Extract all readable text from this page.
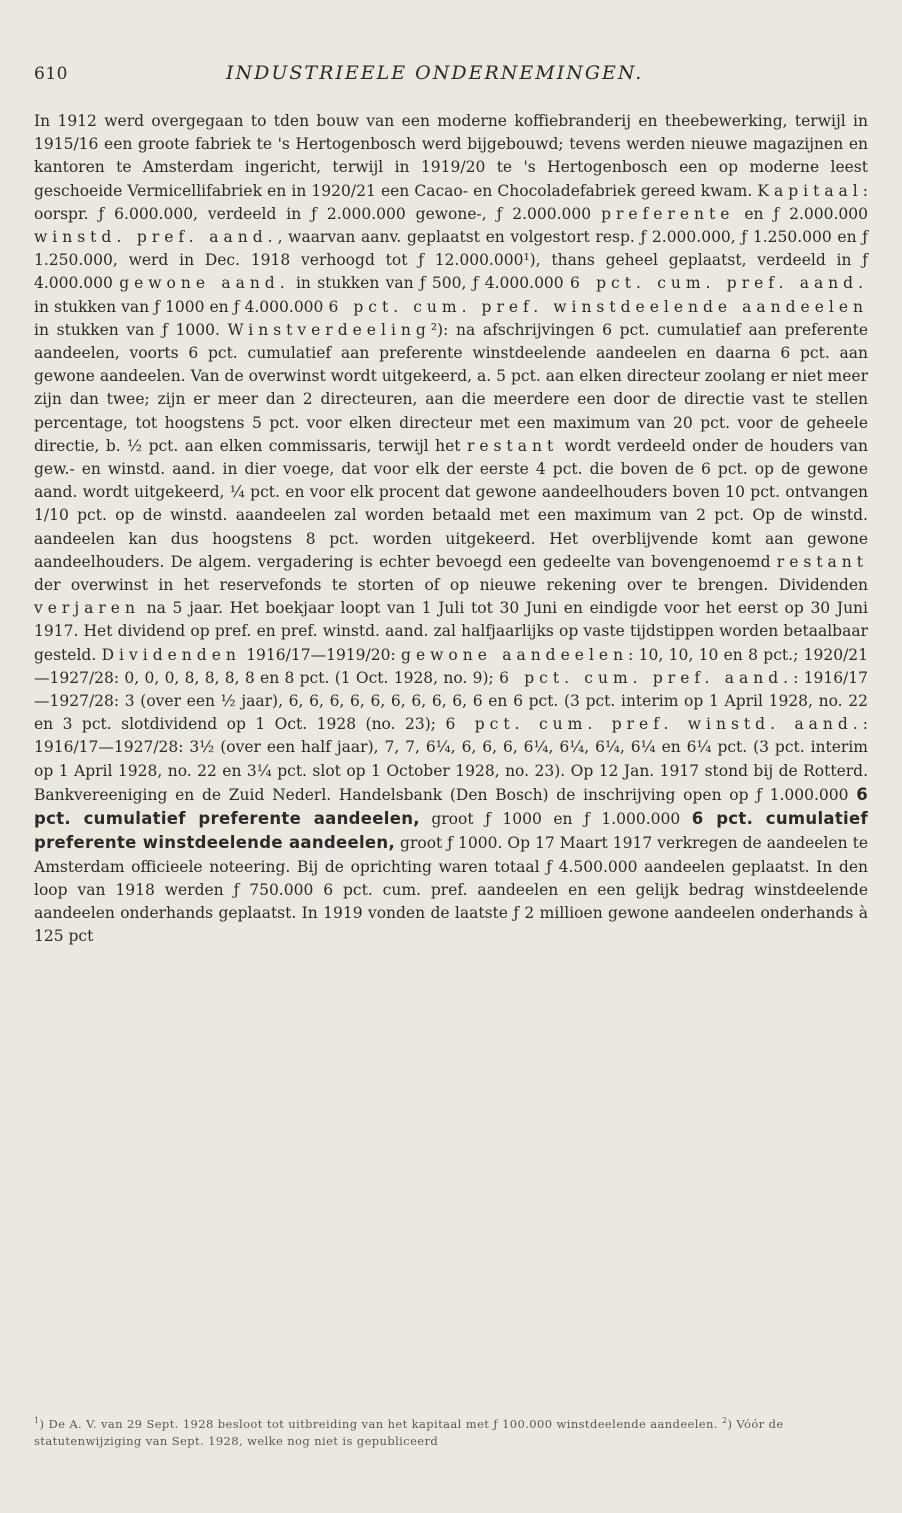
610	INDUSTRIEELE ONDERNEMINGEN.

In 1912 werd overgegaan to tden bouw van een moderne koffiebranderij en theebewerking, terwijl in 1915/16 een groote fabriek te 's Hertogenbosch werd bijgebouwd; tevens werden nieuwe magazijnen en kantoren te Amsterdam ingericht, terwijl in 1919/20 te 's Hertogenbosch een op moderne leest geschoeide Vermicellifabriek en in 1920/21 een Cacao- en Chocoladefabriek gereed kwam. Kapitaal: oorspr. ƒ 6.000.000, verdeeld in ƒ 2.000.000 gewone-, ƒ 2.000.000 preferente en ƒ 2.000.000 winstd. pref. aand., waarvan aanv. geplaatst en volgestort resp. ƒ 2.000.000, ƒ 1.250.000 en ƒ 1.250.000, werd in Dec. 1918 verhoogd tot ƒ 12.000.000¹), thans geheel geplaatst, verdeeld in ƒ 4.000.000 gewone aand. in stukken van ƒ 500, ƒ 4.000.000 6 pct. cum. pref. aand. in stukken van ƒ 1000 en ƒ 4.000.000 6 pct. cum. pref. winstdeelende aandeelen in stukken van ƒ 1000. Winstverdeeling²): na afschrijvingen 6 pct. cumulatief aan preferente aandeelen, voorts 6 pct. cumulatief aan preferente winstdeelende aandeelen en daarna 6 pct. aan gewone aandeelen. Van de overwinst wordt uitgekeerd, a. 5 pct. aan elken directeur zoolang er niet meer zijn dan twee; zijn er meer dan 2 directeuren, aan die meerdere een door de directie vast te stellen percentage, tot hoogstens 5 pct. voor elken directeur met een maximum van 20 pct. voor de geheele directie, b. ½ pct. aan elken commissaris, terwijl het restant wordt verdeeld onder de houders van gew.- en winstd. aand. in dier voege, dat voor elk der eerste 4 pct. die boven de 6 pct. op de gewone aand. wordt uitgekeerd, ¼ pct. en voor elk procent dat gewone aandeelhouders boven 10 pct. ontvangen 1/10 pct. op de winstd. aaandeelen zal worden betaald met een maximum van 2 pct. Op de winstd. aandeelen kan dus hoogstens 8 pct. worden uitgekeerd. Het overblijvende komt aan gewone aandeelhouders. De algem. vergadering is echter bevoegd een gedeelte van bovengenoemd restant der overwinst in het reservefonds te storten of op nieuwe rekening over te brengen. Dividenden verjaren na 5 jaar. Het boekjaar loopt van 1 Juli tot 30 Juni en eindigde voor het eerst op 30 Juni 1917. Het dividend op pref. en pref. winstd. aand. zal halfjaarlijks op vaste tijdstippen worden betaalbaar gesteld. Dividenden 1916/17—1919/20: gewone aandeelen: 10, 10, 10 en 8 pct.; 1920/21—1927/28: 0, 0, 0, 8, 8, 8, 8 en 8 pct. (1 Oct. 1928, no. 9); 6 pct. cum. pref. aand.: 1916/17—1927/28: 3 (over een ½ jaar), 6, 6, 6, 6, 6, 6, 6, 6, 6, 6 en 6 pct. (3 pct. interim op 1 April 1928, no. 22 en 3 pct. slotdividend op 1 Oct. 1928 (no. 23); 6 pct. cum. pref. winstd. aand.: 1916/17—1927/28: 3½ (over een half jaar), 7, 7, 6¼, 6, 6, 6, 6¼, 6¼, 6¼, 6¼ en 6¼ pct. (3 pct. interim op 1 April 1928, no. 22 en 3¼ pct. slot op 1 October 1928, no. 23). Op 12 Jan. 1917 stond bij de Rotterd. Bankvereeniging en de Zuid Nederl. Handelsbank (Den Bosch) de inschrijving open op ƒ 1.000.000 6 pct. cumulatief preferente aandeelen, groot ƒ 1000 en ƒ 1.000.000 6 pct. cumulatief preferente winstdeelende aandeelen, groot ƒ 1000. Op 17 Maart 1917 verkregen de aandeelen te Amsterdam officieele noteering. Bij de oprichting waren totaal ƒ 4.500.000 aandeelen geplaatst. In den loop van 1918 werden ƒ 750.000 6 pct. cum. pref. aandeelen en een gelijk bedrag winstdeelende aandeelen onderhands geplaatst. In 1919 vonden de laatste ƒ 2 millioen gewone aandeelen onderhands à 125 pct

$^1$) De A. V. van 29 Sept. 1928 besloot tot uitbreiding van het kapitaal met ƒ 100.000 winstdeelende aandeelen. $^2$) Vóór de statutenwijziging van Sept. 1928, welke nog niet is gepubliceerd
